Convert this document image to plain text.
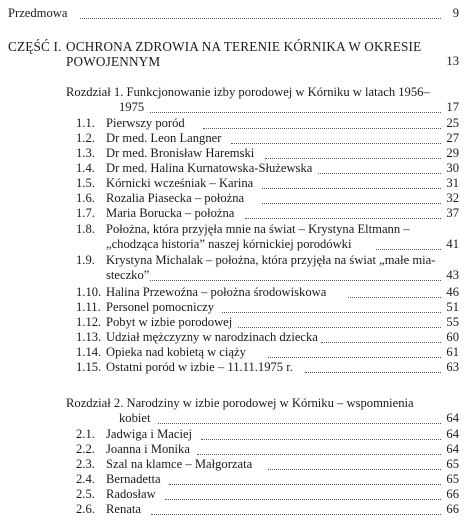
Przedmowa	9
CZĘŚĆ I. OCHRONA ZDROWIA NA TERENIE KÓRNIKA W OKRESIE
POWOJENNYM	13
Rozdział 1. Funkcjonowanie izby porodowej w Kórniku w latach 1956–
1975	17
1.1. Pierwszy poród	25
1.2. Dr med. Leon Langner	27
1.3. Dr med. Bronisław Haremski	29
1.4. Dr med. Halina Kurnatowska-Służewska	30
1.5. Kórnicki wcześniak – Karina	31
1.6. Rozalia Piasecka – położna	32
1.7. Maria Borucka – położna	37
1.8. Położna, która przyjęła mnie na świat – Krystyna Eltmann –
„chodząca historia” naszej kórnickiej porodówki	41
1.9. Krystyna Michalak – położna, która przyjęła na świat „małe mia-
steczko”	43
1.10. Halina Przewoźna – położna środowiskowa	46
1.11. Personel pomocniczy	51
1.12. Pobyt w izbie porodowej	55
1.13. Udział mężczyzny w narodzinach dziecka	60
1.14. Opieka nad kobietą w ciąży	61
1.15. Ostatni poród w izbie – 11.11.1975 r.	63
Rozdział 2. Narodziny w izbie porodowej w Kórniku – wspomnienia
kobiet	64
2.1. Jadwiga i Maciej	64
2.2. Joanna i Monika	64
2.3. Szal na klamce – Małgorzata	65
2.4. Bernadetta	65
2.5. Radosław	66
2.6. Renata	66
